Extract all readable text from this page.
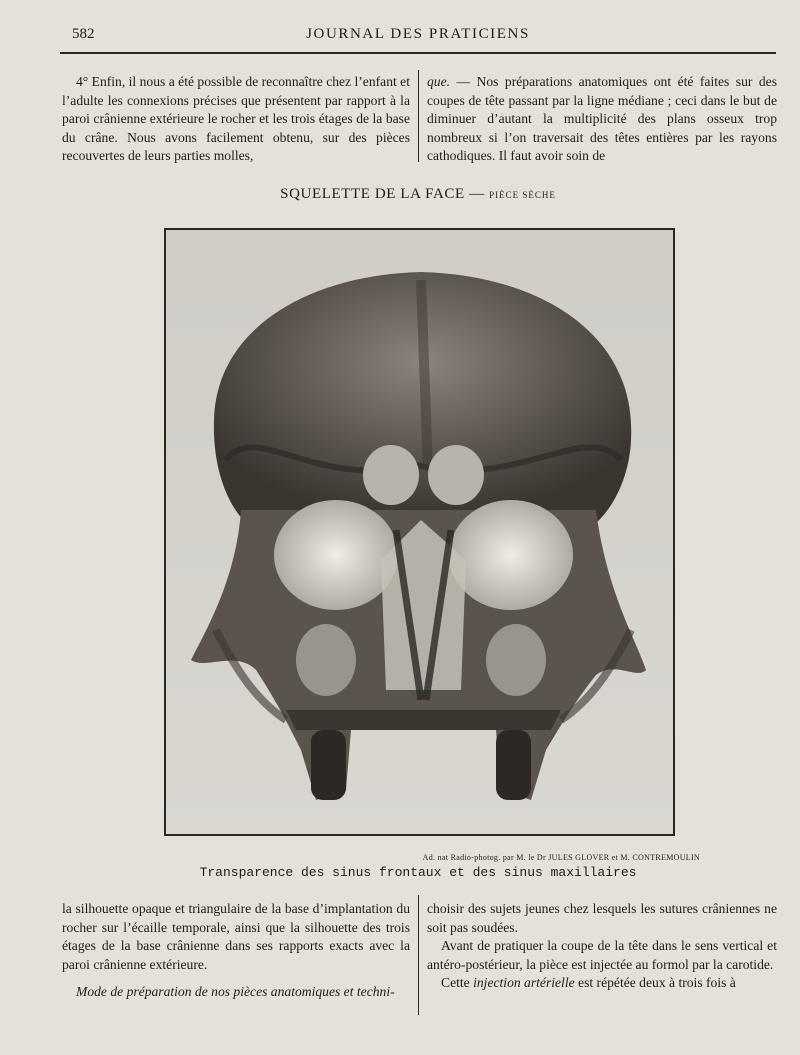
582	JOURNAL DES PRATICIENS

4° Enfin, il nous a été possible de reconnaître chez l’enfant et l’adulte les connexions précises que présentent par rapport à la paroi crânienne extérieure le rocher et les trois étages de la base du crâne. Nous avons facilement obtenu, sur des pièces recouvertes de leurs parties molles,

que. — Nos préparations anatomiques ont été faites sur des coupes de tête passant par la ligne médiane ; ceci dans le but de diminuer d’autant la multiplicité des plans osseux trop nombreux si l’on traversait des têtes entières par les rayons cathodiques. Il faut avoir soin de

SQUELETTE DE LA FACE — PIÈCE SÈCHE
Ad. nat Radio-photog. par M. le Dr JULES GLOVER et M. CONTREMOULIN
Transparence des sinus frontaux et des sinus maxillaires

la silhouette opaque et triangulaire de la base d’implantation du rocher sur l’écaille temporale, ainsi que la silhouette des trois étages de la base crânienne dans ses rapports exacts avec la paroi crânienne extérieure.

Mode de préparation de nos pièces anatomiques et techni-

choisir des sujets jeunes chez lesquels les sutures crâniennes ne soit pas soudées.

Avant de pratiquer la coupe de la tête dans le sens vertical et antéro-postérieur, la pièce est injectée au formol par la carotide.

Cette injection artérielle est répétée deux à trois fois à
